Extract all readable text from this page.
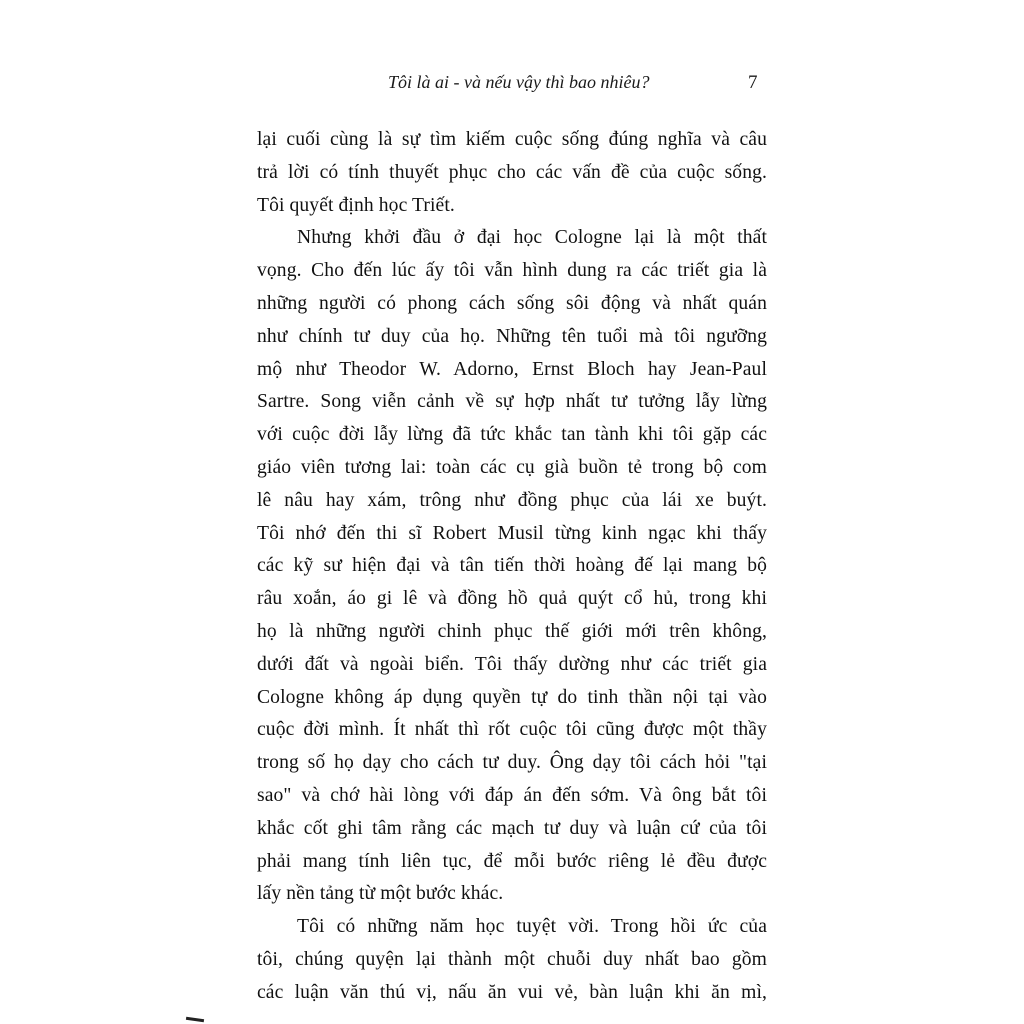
Tôi là ai - và nếu vậy thì bao nhiêu?	7
lại cuối cùng là sự tìm kiếm cuộc sống đúng nghĩa và câu
trả lời có tính thuyết phục cho các vấn đề của cuộc sống.
Tôi quyết định học Triết.
Nhưng khởi đầu ở đại học Cologne lại là một thất
vọng. Cho đến lúc ấy tôi vẫn hình dung ra các triết gia là
những người có phong cách sống sôi động và nhất quán
như chính tư duy của họ. Những tên tuổi mà tôi ngưỡng
mộ như Theodor W. Adorno, Ernst Bloch hay Jean-Paul
Sartre. Song viễn cảnh về sự hợp nhất tư tưởng lẫy lừng
với cuộc đời lẫy lừng đã tức khắc tan tành khi tôi gặp các
giáo viên tương lai: toàn các cụ già buồn tẻ trong bộ com
lê nâu hay xám, trông như đồng phục của lái xe buýt.
Tôi nhớ đến thi sĩ Robert Musil từng kinh ngạc khi thấy
các kỹ sư hiện đại và tân tiến thời hoàng đế lại mang bộ
râu xoắn, áo gi lê và đồng hồ quả quýt cổ hủ, trong khi
họ là những người chinh phục thế giới mới trên không,
dưới đất và ngoài biển. Tôi thấy dường như các triết gia
Cologne không áp dụng quyền tự do tinh thần nội tại vào
cuộc đời mình. Ít nhất thì rốt cuộc tôi cũng được một thầy
trong số họ dạy cho cách tư duy. Ông dạy tôi cách hỏi "tại
sao" và chớ hài lòng với đáp án đến sớm. Và ông bắt tôi
khắc cốt ghi tâm rằng các mạch tư duy và luận cứ của tôi
phải mang tính liên tục, để mỗi bước riêng lẻ đều được
lấy nền tảng từ một bước khác.
Tôi có những năm học tuyệt vời. Trong hồi ức của
tôi, chúng quyện lại thành một chuỗi duy nhất bao gồm
các luận văn thú vị, nấu ăn vui vẻ, bàn luận khi ăn mì,
